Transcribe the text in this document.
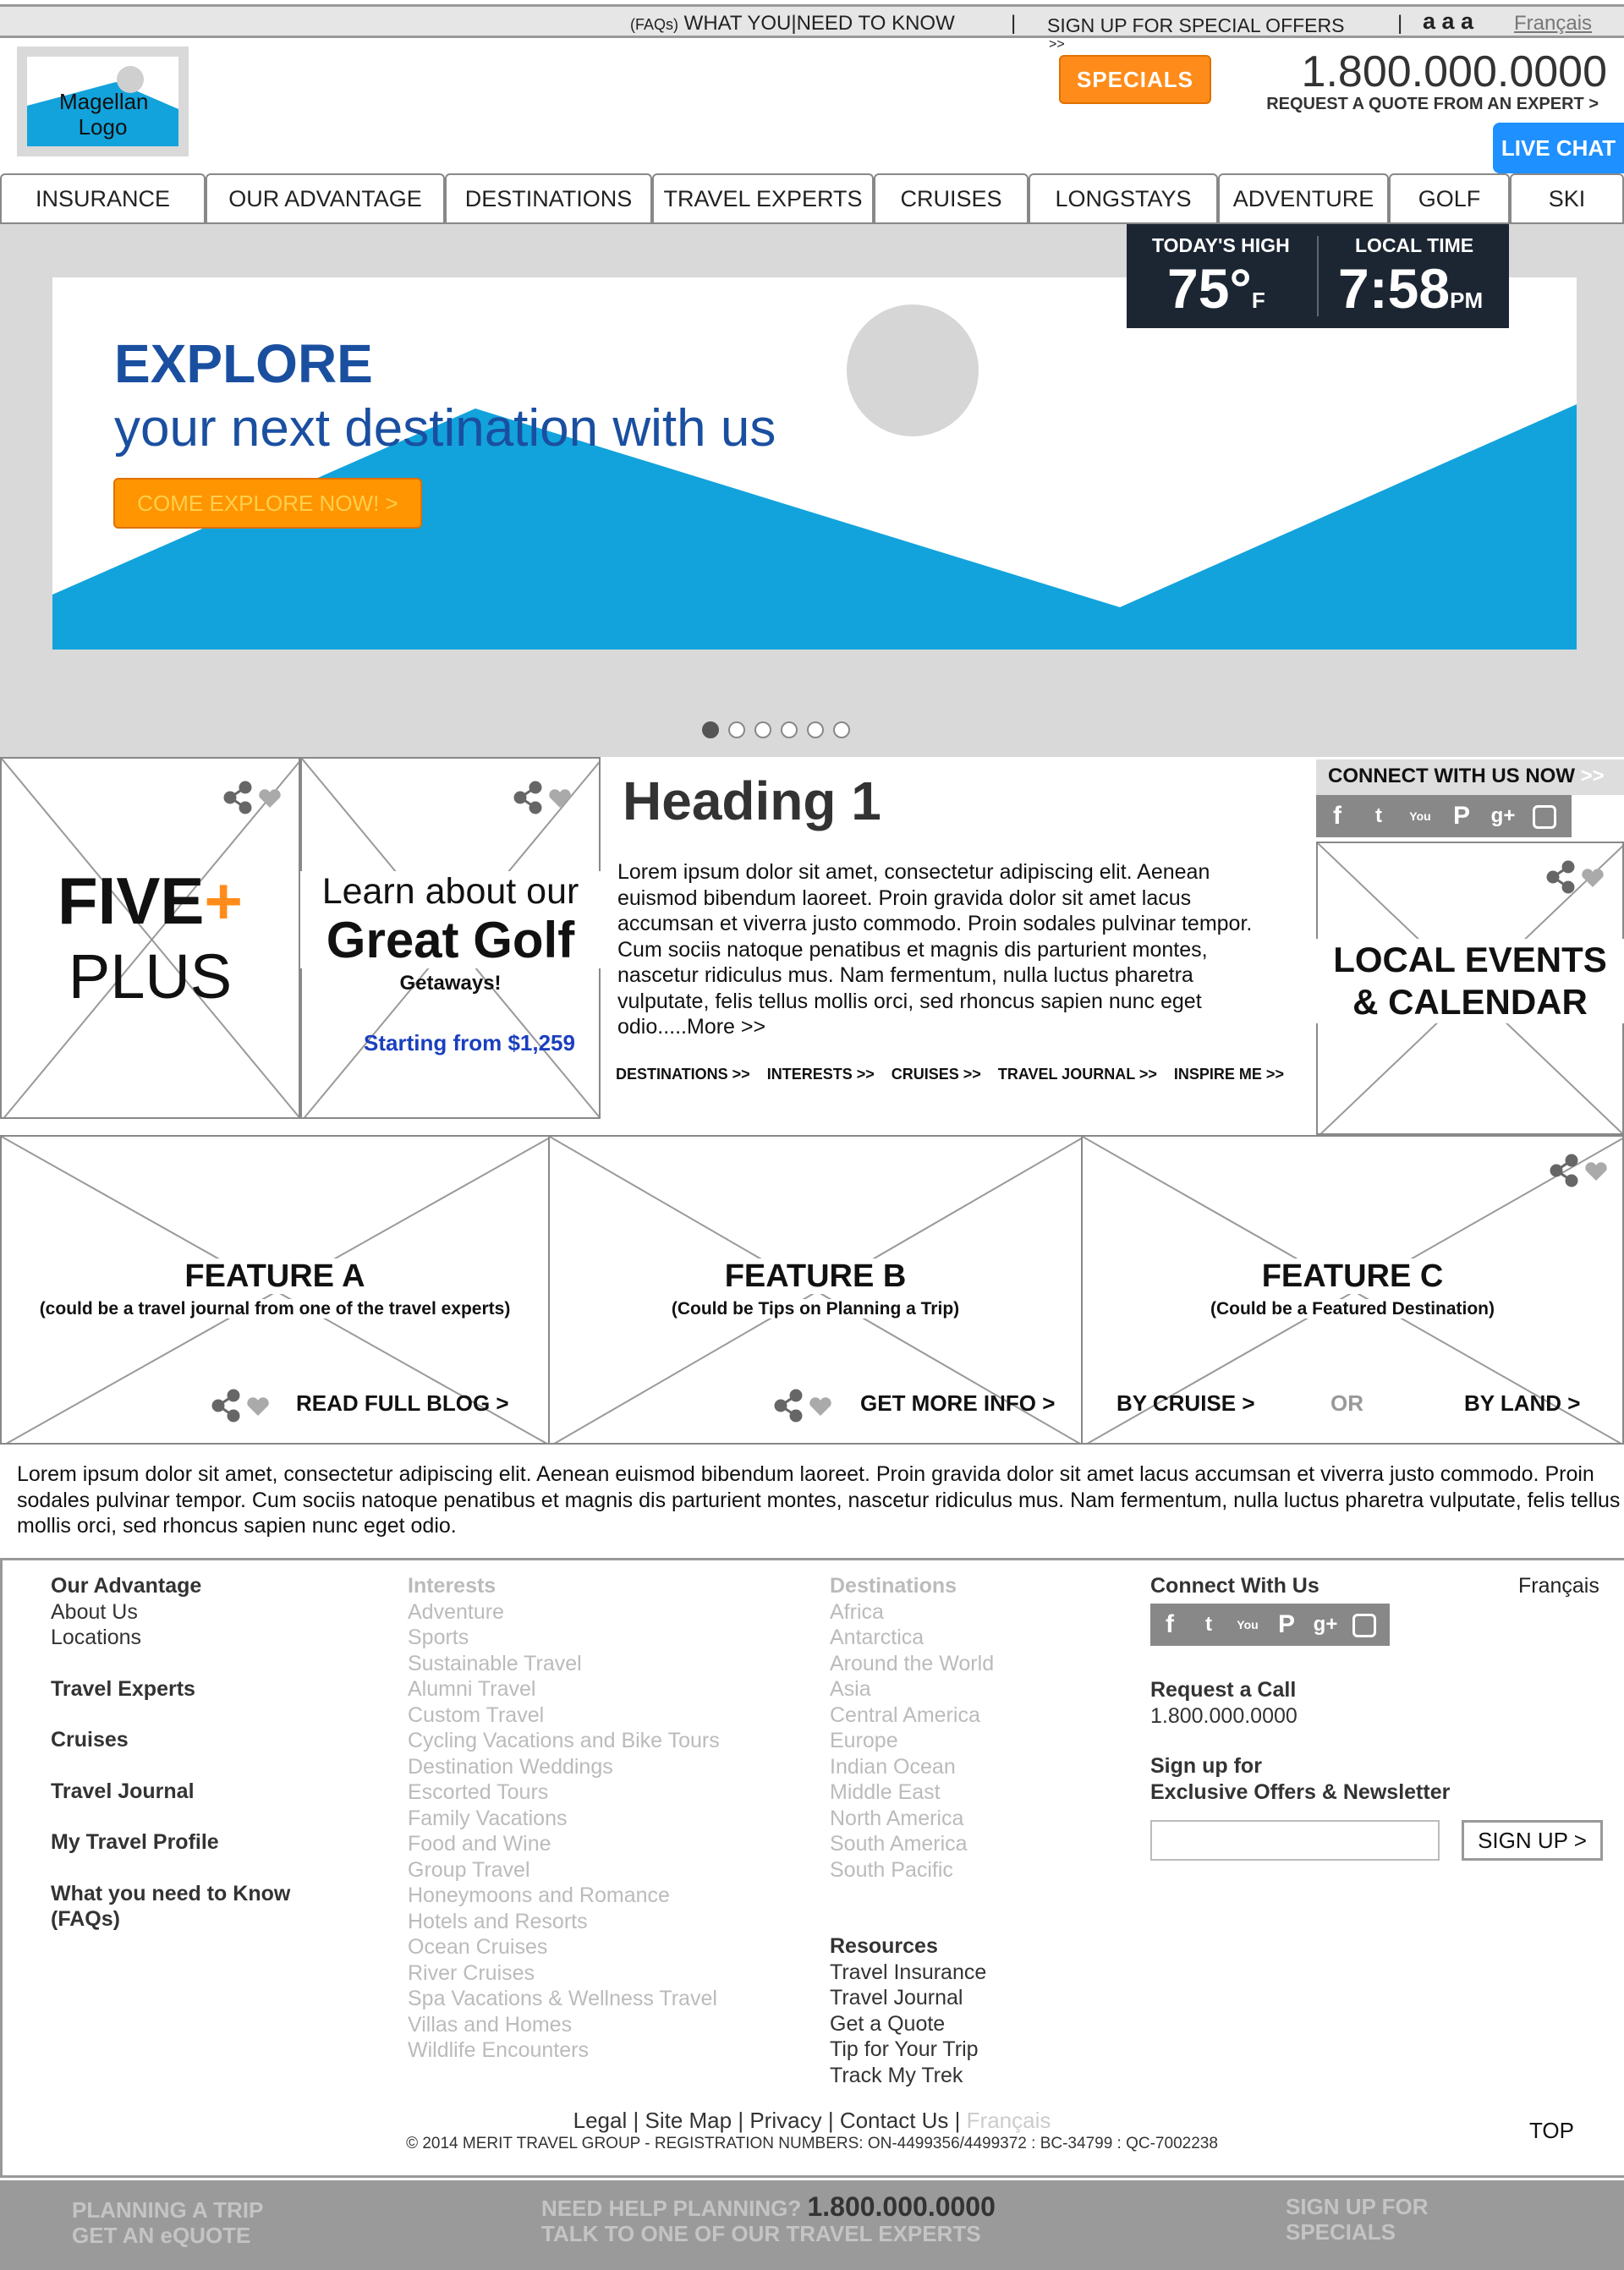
(FAQs) WHAT YOU|NEED TO KNOW	| SIGN UP FOR SPECIAL OFFERS
>>
| a a a Français
Magellan Logo
SPECIALS	1.800.000.0000
REQUEST A QUOTE FROM AN EXPERT >
LIVE CHAT
INSURANCE	OUR ADVANTAGE	DESTINATIONS	TRAVEL EXPERTS	CRUISES	LONGSTAYS	ADVENTURE	GOLF	SKI
EXPLORE
your next destination with us
COME EXPLORE NOW! >
TODAY'S HIGH
75°F
LOCAL TIME
7:58PM
FIVE+
PLUS
Learn about our
Great Golf
Getaways!
Starting from $1,259
Heading 1
Lorem ipsum dolor sit amet, consectetur adipiscing elit. Aenean euismod bibendum laoreet. Proin gravida dolor sit amet lacus accumsan et viverra justo commodo. Proin sodales pulvinar tempor. Cum sociis natoque penatibus et magnis dis parturient montes, nascetur ridiculus mus. Nam fermentum, nulla luctus pharetra vulputate, felis tellus mollis orci, sed rhoncus sapien nunc eget odio.....More >>
DESTINATIONS >> INTERESTS >> CRUISES >> TRAVEL JOURNAL >> INSPIRE ME >>
CONNECT WITH US NOW >>
f	t	You P	g+
LOCAL EVENTS
& CALENDAR
FEATURE A
(could be a travel journal from one of the travel experts)
READ FULL BLOG >
FEATURE B
(Could be Tips on Planning a Trip)
GET MORE INFO >
FEATURE C
(Could be a Featured Destination)
BY CRUISE >	OR	BY LAND >
Lorem ipsum dolor sit amet, consectetur adipiscing elit. Aenean euismod bibendum laoreet. Proin gravida dolor sit amet lacus accumsan et viverra justo commodo. Proin sodales pulvinar tempor. Cum sociis natoque penatibus et magnis dis parturient montes, nascetur ridiculus mus. Nam fermentum, nulla luctus pharetra vulputate, felis tellus mollis orci, sed rhoncus sapien nunc eget odio.
Our Advantage
About Us
Locations
Travel Experts
Cruises
Travel Journal
My Travel Profile
What you need to Know
(FAQs)
Interests
Adventure
Sports
Sustainable Travel
Alumni Travel
Custom Travel
Cycling Vacations and Bike Tours
Destination Weddings
Escorted Tours
Family Vacations
Food and Wine
Group Travel
Honeymoons and Romance
Hotels and Resorts
Ocean Cruises
River Cruises
Spa Vacations & Wellness Travel
Villas and Homes
Wildlife Encounters
Destinations
Africa
Antarctica
Around the World
Asia
Central America
Europe
Indian Ocean
Middle East
North America
South America
South Pacific
Resources
Travel Insurance
Travel Journal
Get a Quote
Tip for Your Trip
Track My Trek
Connect With Us	Français
f	t	You P g+
Request a Call
1.800.000.0000
Sign up for
Exclusive Offers & Newsletter
SIGN UP >
Legal | Site Map | Privacy | Contact Us | Français
© 2014 MERIT TRAVEL GROUP - REGISTRATION NUMBERS: ON-4499356/4499372 : BC-34799 : QC-7002238
TOP
PLANNING A TRIP
GET AN eQUOTE
NEED HELP PLANNING? 1.800.000.0000
TALK TO ONE OF OUR TRAVEL EXPERTS
SIGN UP FOR
SPECIALS
